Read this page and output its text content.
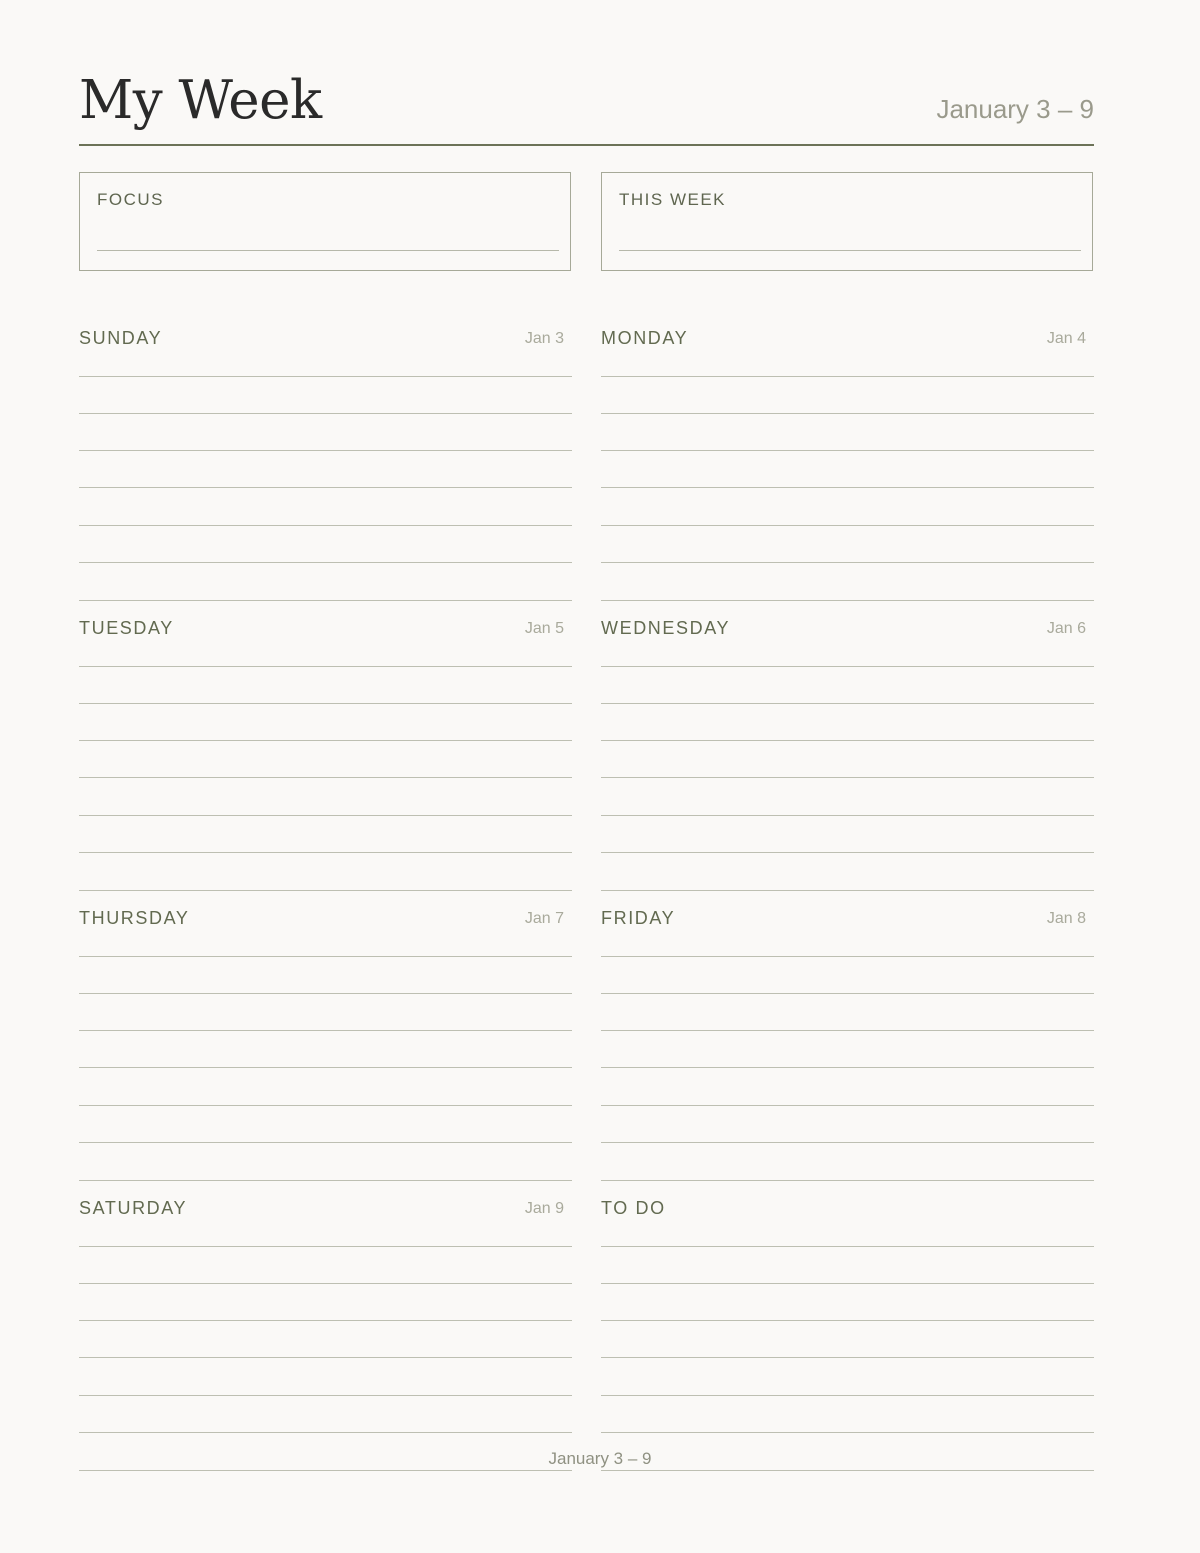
My Week	January 3 – 9
FOCUS	THIS WEEK
SUNDAY	Jan 3 MONDAY	Jan 4
TUESDAY	Jan 5 WEDNESDAY	Jan 6
THURSDAY	Jan 7 FRIDAY	Jan 8
SATURDAY	Jan 9 TO DO
January 3 – 9
